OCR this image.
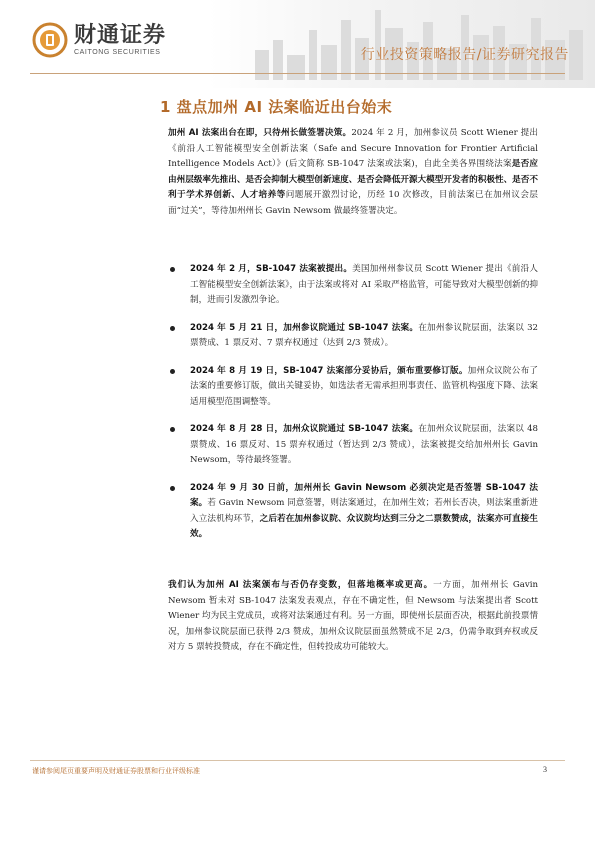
财通证券
CAITONG SECURITIES	行业投资策略报告/证券研究报告
1 盘点加州 AI 法案临近出台始末
加州 AI 法案出台在即，只待州长做签署决策。2024 年 2 月，加州参议员 Scott Wiener 提出《前沿人工智能模型安全创新法案（Safe and Secure Innovation for Frontier Artificial Intelligence Models Act）》(后文简称 SB-1047 法案或法案)，自此全美各界围绕法案是否应由州层级率先推出、是否会抑制大模型创新速度、是否会降低开源大模型开发者的积极性、是否不利于学术界创新、人才培养等问题展开激烈讨论，历经 10 次修改，目前法案已在加州议会层面“过关”，等待加州州长 Gavin Newsom 做最终签署决定。
2024 年 2 月，SB-1047 法案被提出。美国加州州参议员 Scott Wiener 提出《前沿人工智能模型安全创新法案》，由于法案或将对 AI 采取严格监管，可能导致对大模型创新的抑制，进而引发激烈争论。
2024 年 5 月 21 日，加州参议院通过 SB-1047 法案。在加州参议院层面，法案以 32 票赞成、1 票反对、7 票弃权通过（达到 2/3 赞成）。
2024 年 8 月 19 日，SB-1047 法案部分妥协后，颁布重要修订版。加州众议院公布了法案的重要修订版，做出关键妥协，如选法者无需承担刑事责任、监管机构强度下降、法案适用模型范围调整等。
2024 年 8 月 28 日，加州众议院通过 SB-1047 法案。在加州众议院层面，法案以 48 票赞成、16 票反对、15 票弃权通过（暂达到 2/3 赞成），法案被提交给加州州长 Gavin Newsom，等待最终签署。
2024 年 9 月 30 日前，加州州长 Gavin Newsom 必须决定是否签署 SB-1047 法案。若 Gavin Newsom 同意签署，则法案通过，在加州生效；若州长否决，则法案重新进入立法机构环节，之后若在加州参议院、众议院均达到三分之二票数赞成，法案亦可直接生效。
我们认为加州 AI 法案颁布与否仍存变数，但落地概率或更高。一方面，加州州长 Gavin Newsom 暂未对 SB-1047 法案发表观点，存在不确定性，但 Newsom 与法案提出者 Scott Wiener 均为民主党成员，或将对法案通过有利。另一方面，即使州长层面否决，根据此前投票情况，加州参议院层面已获得 2/3 赞成，加州众议院层面虽然赞成不足 2/3，仍需争取到弃权或反对方 5 票转投赞成，存在不确定性，但转投成功可能较大。
谨请参阅尾页重要声明及财通证券股票和行业评级标准	3
